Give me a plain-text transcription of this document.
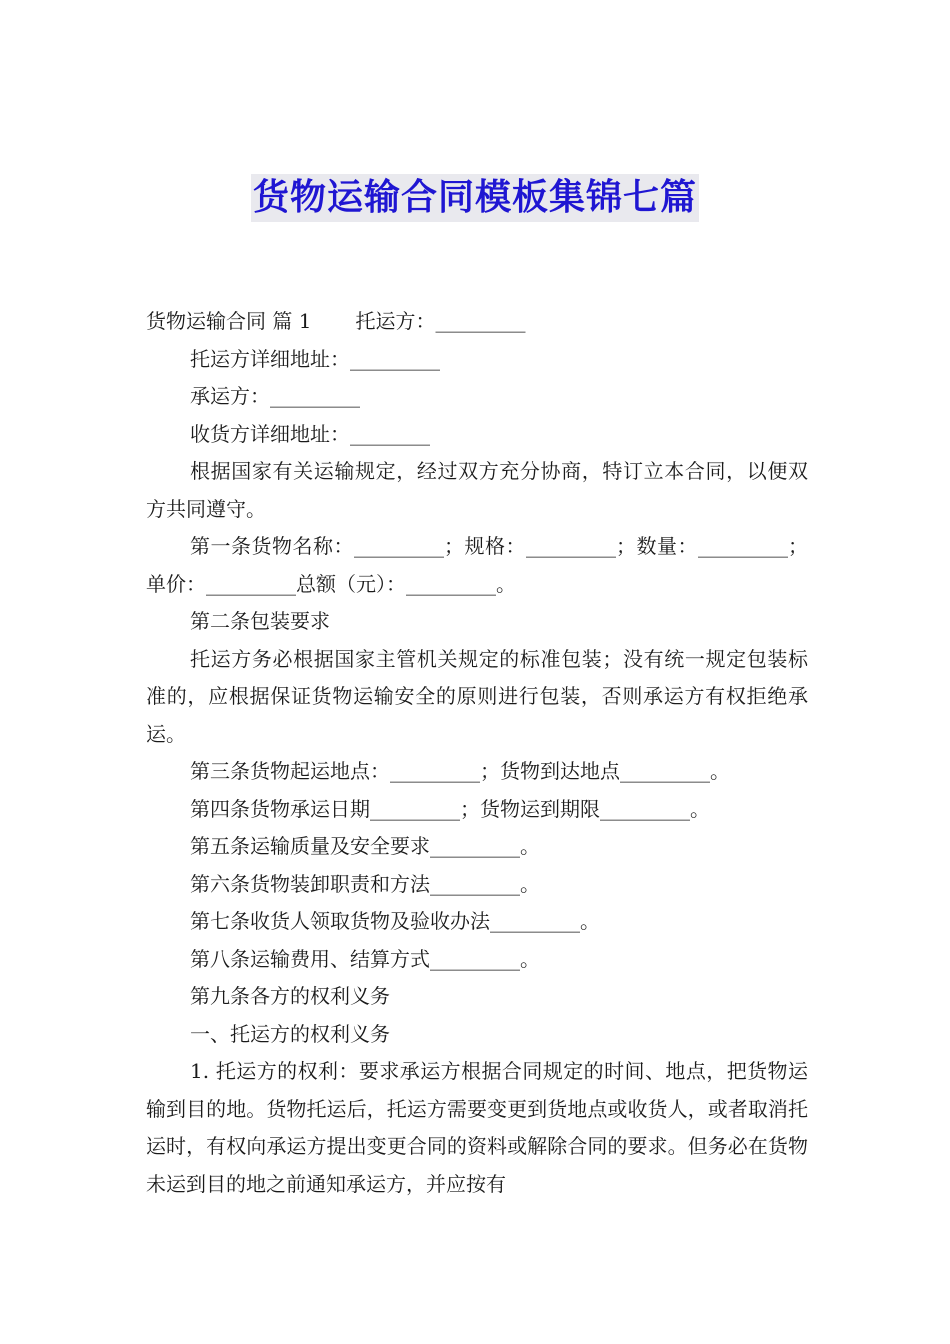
货物运输合同模板集锦七篇

货物运输合同 篇 1 托运方：_________

托运方详细地址：_________

承运方：_________

收货方详细地址：________

根据国家有关运输规定，经过双方充分协商，特订立本合同，以便双方共同遵守。

第一条货物名称：_________；规格：_________；数量：_________；单价：_________总额（元）：_________。

第二条包装要求

托运方务必根据国家主管机关规定的标准包装；没有统一规定包装标准的，应根据保证货物运输安全的原则进行包装，否则承运方有权拒绝承运。

第三条货物起运地点：_________；货物到达地点_________。

第四条货物承运日期_________；货物运到期限_________。

第五条运输质量及安全要求_________。

第六条货物装卸职责和方法_________。

第七条收货人领取货物及验收办法_________。

第八条运输费用、结算方式_________。

第九条各方的权利义务

一、托运方的权利义务

1. 托运方的权利：要求承运方根据合同规定的时间、地点，把货物运输到目的地。货物托运后，托运方需要变更到货地点或收货人，或者取消托运时，有权向承运方提出变更合同的资料或解除合同的要求。但务必在货物未运到目的地之前通知承运方，并应按有
